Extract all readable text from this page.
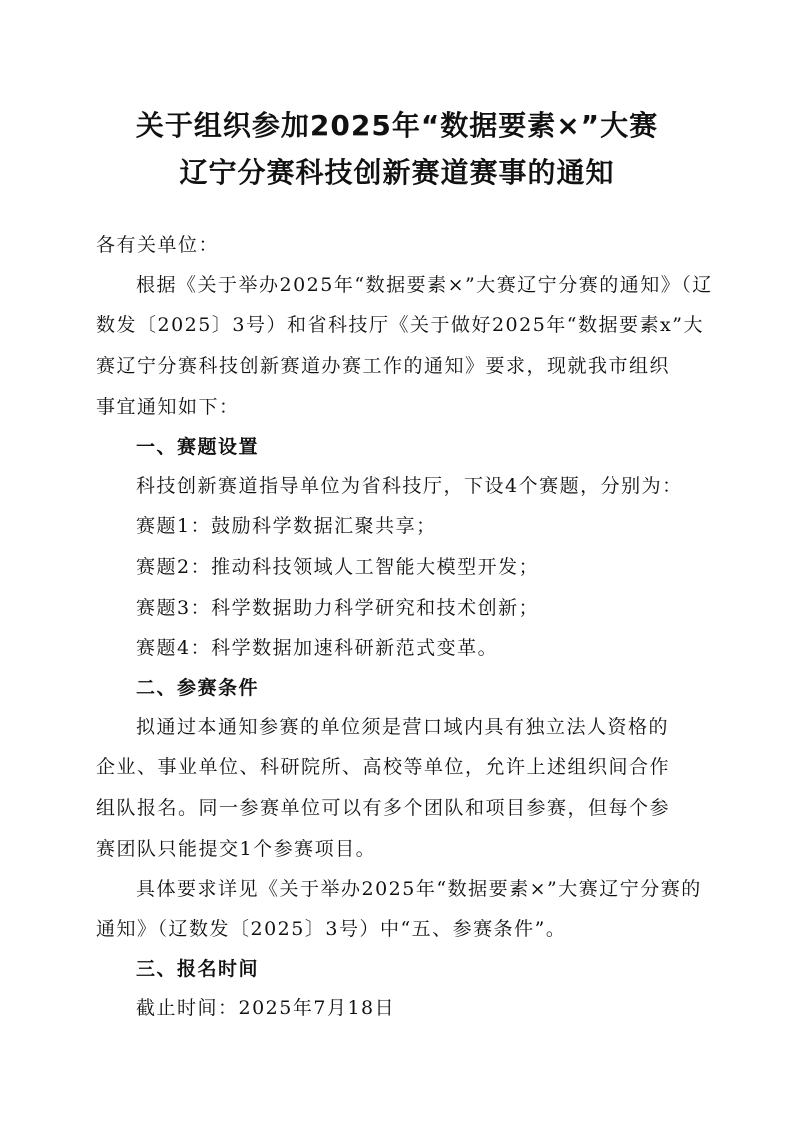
关于组织参加2025年“数据要素×”大赛
辽宁分赛科技创新赛道赛事的通知
各有关单位：
根据《关于举办2025年“数据要素×”大赛辽宁分赛的通知》（辽
数发〔2025〕3号）和省科技厅《关于做好2025年“数据要素x”大
赛辽宁分赛科技创新赛道办赛工作的通知》要求，现就我市组织
事宜通知如下：
一、赛题设置
科技创新赛道指导单位为省科技厅，下设4个赛题，分别为：
赛题1：鼓励科学数据汇聚共享；
赛题2：推动科技领域人工智能大模型开发；
赛题3：科学数据助力科学研究和技术创新；
赛题4：科学数据加速科研新范式变革。
二、参赛条件
拟通过本通知参赛的单位须是营口域内具有独立法人资格的
企业、事业单位、科研院所、高校等单位，允许上述组织间合作
组队报名。同一参赛单位可以有多个团队和项目参赛，但每个参
赛团队只能提交1个参赛项目。
具体要求详见《关于举办2025年“数据要素×”大赛辽宁分赛的
通知》（辽数发〔2025〕3号）中“五、参赛条件”。
三、报名时间
截止时间：2025年7月18日
